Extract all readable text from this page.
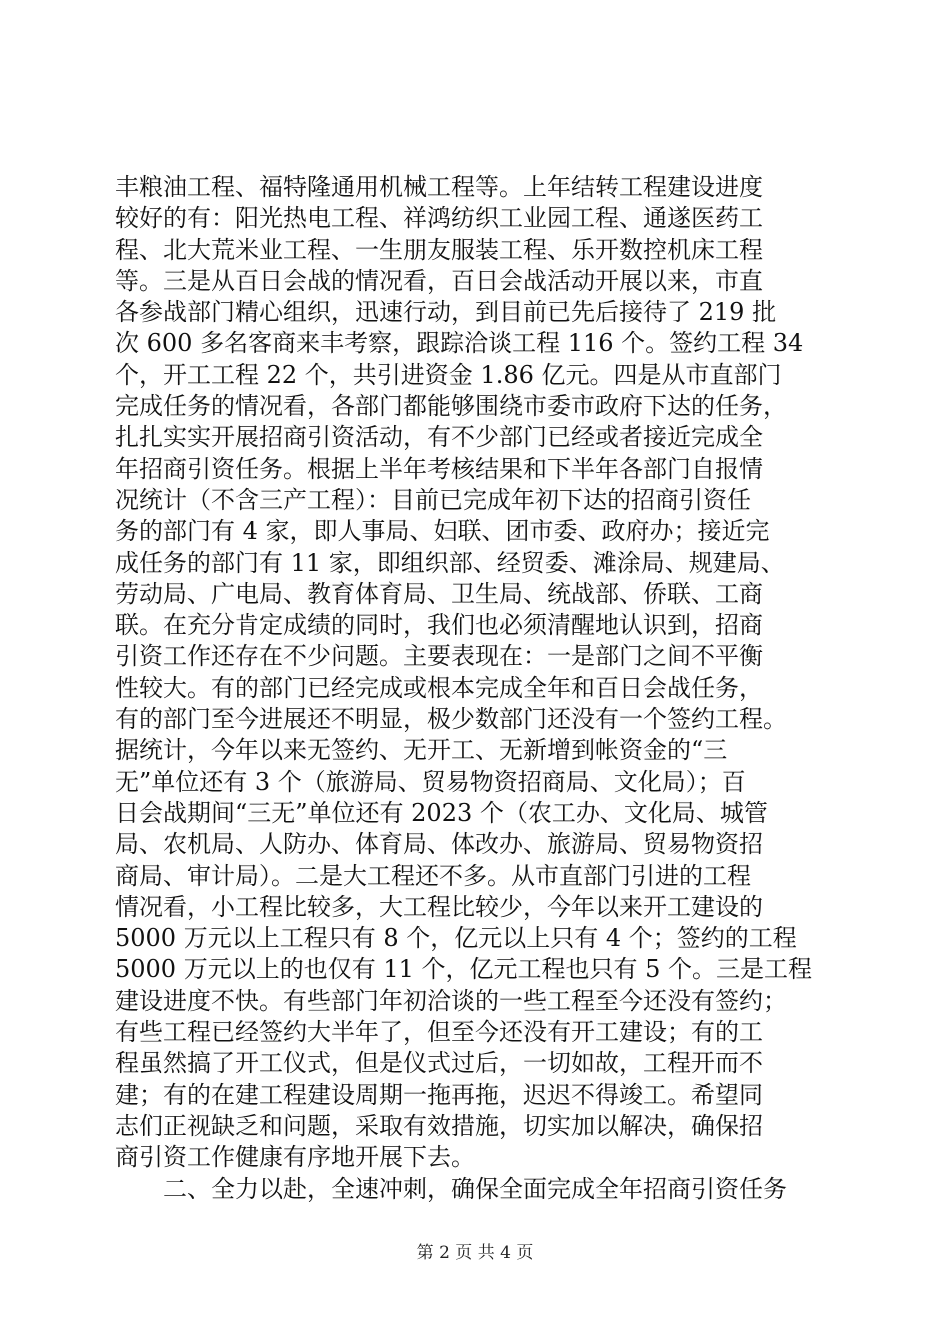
丰粮油工程、福特隆通用机械工程等。上年结转工程建设进度
较好的有：阳光热电工程、祥鸿纺织工业园工程、通遂医药工
程、北大荒米业工程、一生朋友服装工程、乐开数控机床工程
等。三是从百日会战的情况看，百日会战活动开展以来，市直
各参战部门精心组织，迅速行动，到目前已先后接待了 219 批
次 600 多名客商来丰考察，跟踪洽谈工程 116 个。签约工程 34
个，开工工程 22 个，共引进资金 1.86 亿元。四是从市直部门
完成任务的情况看，各部门都能够围绕市委市政府下达的任务，
扎扎实实开展招商引资活动，有不少部门已经或者接近完成全
年招商引资任务。根据上半年考核结果和下半年各部门自报情
况统计（不含三产工程）：目前已完成年初下达的招商引资任
务的部门有 4 家，即人事局、妇联、团市委、政府办；接近完
成任务的部门有 11 家，即组织部、经贸委、滩涂局、规建局、
劳动局、广电局、教育体育局、卫生局、统战部、侨联、工商
联。在充分肯定成绩的同时，我们也必须清醒地认识到，招商
引资工作还存在不少问题。主要表现在：一是部门之间不平衡
性较大。有的部门已经完成或根本完成全年和百日会战任务，
有的部门至今进展还不明显，极少数部门还没有一个签约工程。
据统计，今年以来无签约、无开工、无新增到帐资金的“三
无”单位还有 3 个（旅游局、贸易物资招商局、文化局）；百
日会战期间“三无”单位还有 2023 个（农工办、文化局、城管
局、农机局、人防办、体育局、体改办、旅游局、贸易物资招
商局、审计局）。二是大工程还不多。从市直部门引进的工程
情况看，小工程比较多，大工程比较少，今年以来开工建设的
5000 万元以上工程只有 8 个，亿元以上只有 4 个；签约的工程
5000 万元以上的也仅有 11 个，亿元工程也只有 5 个。三是工程
建设进度不快。有些部门年初洽谈的一些工程至今还没有签约；
有些工程已经签约大半年了，但至今还没有开工建设；有的工
程虽然搞了开工仪式，但是仪式过后，一切如故，工程开而不
建；有的在建工程建设周期一拖再拖，迟迟不得竣工。希望同
志们正视缺乏和问题，采取有效措施，切实加以解决，确保招
商引资工作健康有序地开展下去。
二、全力以赴，全速冲刺，确保全面完成全年招商引资任务
第 2 页 共 4 页
